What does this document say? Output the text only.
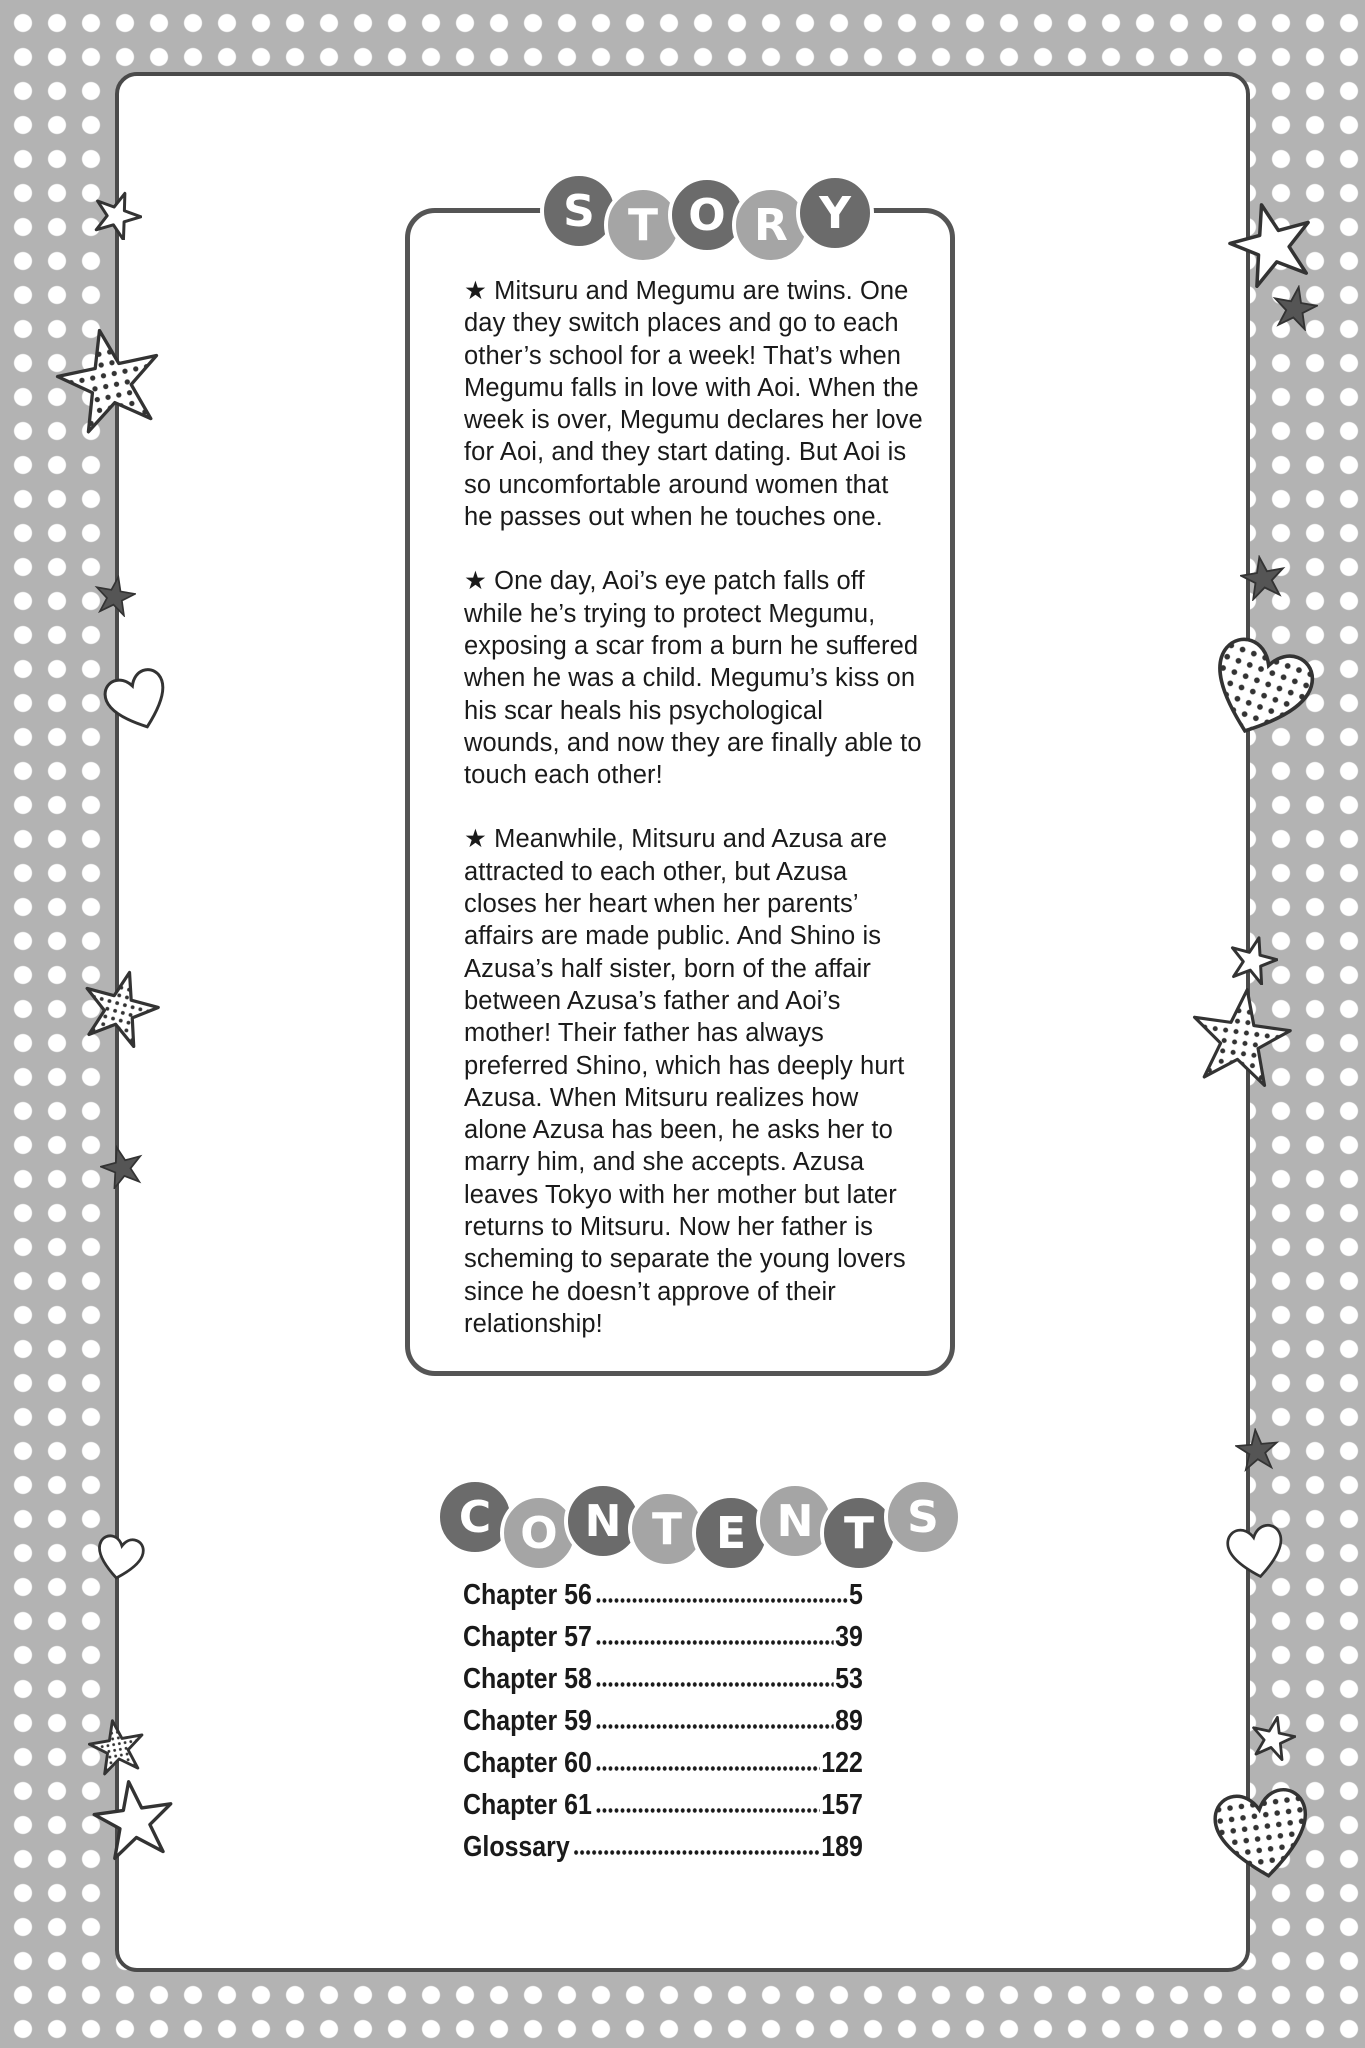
S T O R Y

★ Mitsuru and Megumu are twins. One day they switch places and go to each other’s school for a week! That’s when Megumu falls in love with Aoi. When the week is over, Megumu declares her love for Aoi, and they start dating. But Aoi is so uncomfortable around women that he passes out when he touches one.

★ One day, Aoi’s eye patch falls off while he’s trying to protect Megumu, exposing a scar from a burn he suffered when he was a child. Megumu’s kiss on his scar heals his psychological wounds, and now they are finally able to touch each other!

★ Meanwhile, Mitsuru and Azusa are attracted to each other, but Azusa closes her heart when her parents’ affairs are made public. And Shino is Azusa’s half sister, born of the affair between Azusa’s father and Aoi’s mother! Their father has always preferred Shino, which has deeply hurt Azusa. When Mitsuru realizes how alone Azusa has been, he asks her to marry him, and she accepts. Azusa leaves Tokyo with her mother but later returns to Mitsuru. Now her father is scheming to separate the young lovers since he doesn’t approve of their relationship!

C O N T E N T S
Chapter 56	5
Chapter 57	39
Chapter 58	53
Chapter 59	89
Chapter 60	122
Chapter 61	157
Glossary	189
